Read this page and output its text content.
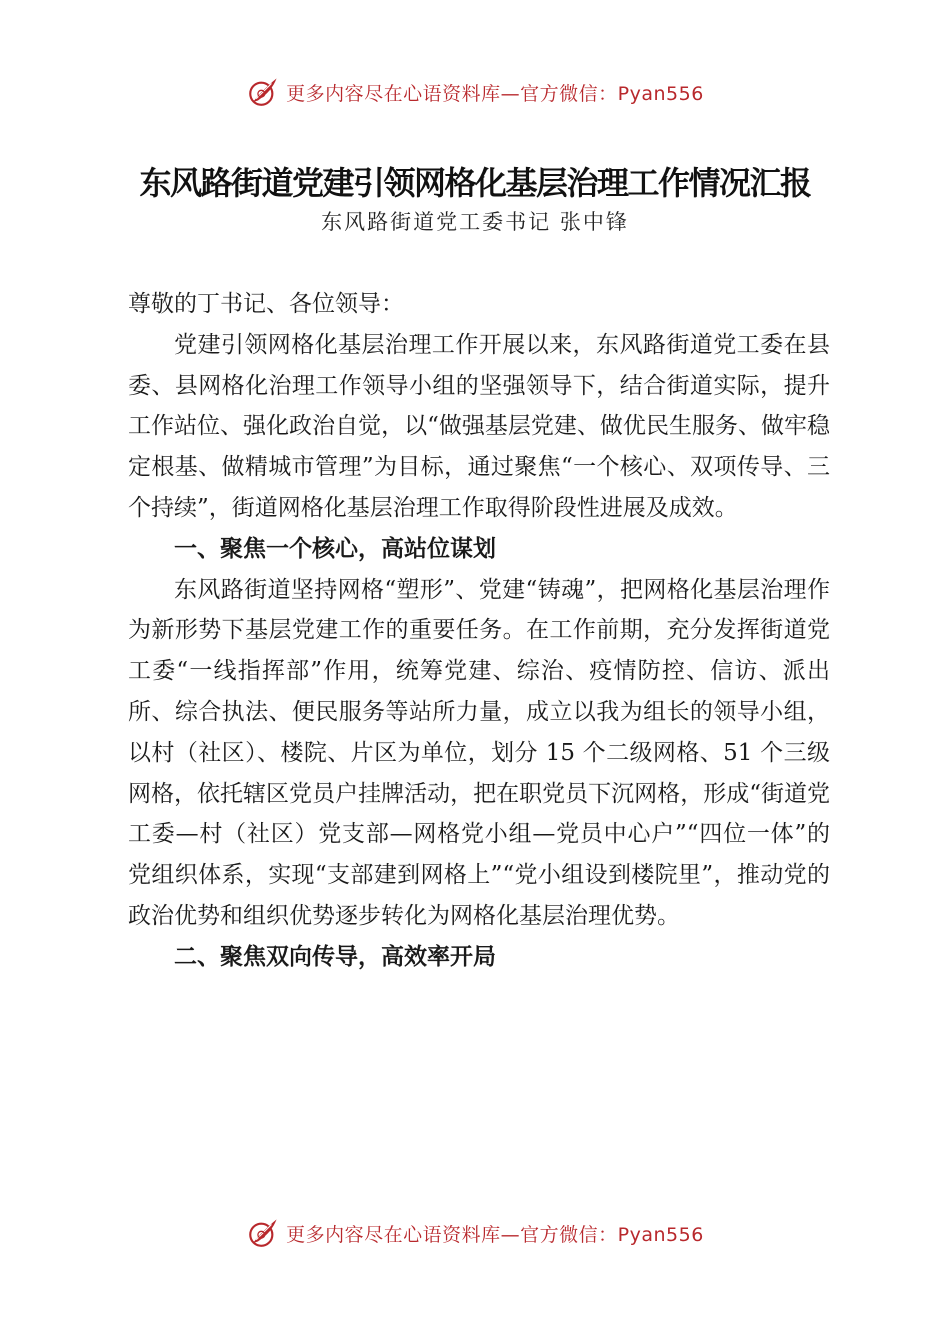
更多内容尽在心语资料库—官方微信：Pyan556
东风路街道党建引领网格化基层治理工作情况汇报
东风路街道党工委书记 张中锋

尊敬的丁书记、各位领导：

党建引领网格化基层治理工作开展以来，东风路街道党工委在县委、县网格化治理工作领导小组的坚强领导下，结合街道实际，提升工作站位、强化政治自觉，以“做强基层党建、做优民生服务、做牢稳定根基、做精城市管理”为目标，通过聚焦“一个核心、双项传导、三个持续”，街道网格化基层治理工作取得阶段性进展及成效。

一、聚焦一个核心，高站位谋划

东风路街道坚持网格“塑形”、党建“铸魂”，把网格化基层治理作为新形势下基层党建工作的重要任务。在工作前期，充分发挥街道党工委“一线指挥部”作用，统筹党建、综治、疫情防控、信访、派出所、综合执法、便民服务等站所力量，成立以我为组长的领导小组，以村（社区）、楼院、片区为单位，划分 15 个二级网格、51 个三级网格，依托辖区党员户挂牌活动，把在职党员下沉网格，形成“街道党工委—村（社区）党支部—网格党小组—党员中心户”“四位一体”的党组织体系，实现“支部建到网格上”“党小组设到楼院里”，推动党的政治优势和组织优势逐步转化为网格化基层治理优势。

二、聚焦双向传导，高效率开局

更多内容尽在心语资料库—官方微信：Pyan556
